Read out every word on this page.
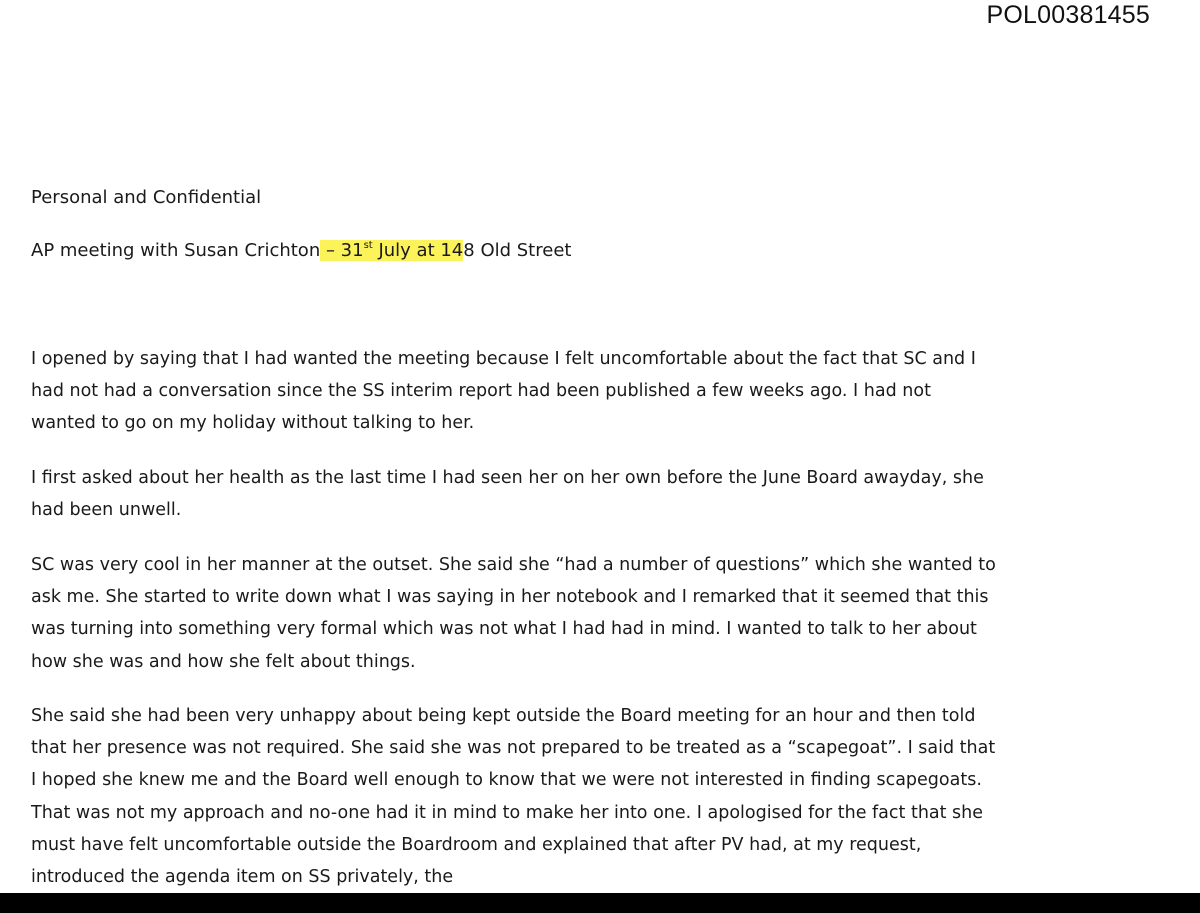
POL00381455
Personal and Confidential
AP meeting with Susan Crichton – 31st July at 148 Old Street

I opened by saying that I had wanted the meeting because I felt uncomfortable about the fact that SC and I had not had a conversation since the SS interim report had been published a few weeks ago. I had not wanted to go on my holiday without talking to her.

I first asked about her health as the last time I had seen her on her own before the June Board awayday, she had been unwell.

SC was very cool in her manner at the outset. She said she “had a number of questions” which she wanted to ask me. She started to write down what I was saying in her notebook and I remarked that it seemed that this was turning into something very formal which was not what I had had in mind. I wanted to talk to her about how she was and how she felt about things.

She said she had been very unhappy about being kept outside the Board meeting for an hour and then told that her presence was not required. She said she was not prepared to be treated as a “scapegoat”. I said that I hoped she knew me and the Board well enough to know that we were not interested in finding scapegoats. That was not my approach and no-one had it in mind to make her into one. I apologised for the fact that she must have felt uncomfortable outside the Boardroom and explained that after PV had, at my request, introduced the agenda item on SS privately, the
